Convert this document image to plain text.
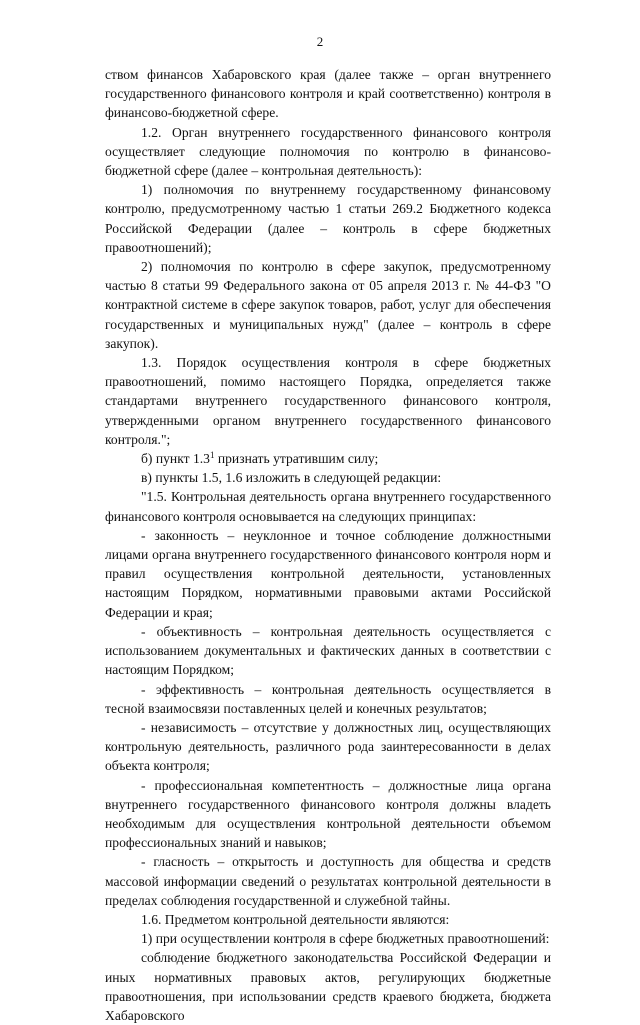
2

ством финансов Хабаровского края (далее также – орган внутреннего государственного финансового контроля и край соответственно) контроля в финансово-бюджетной сфере.

1.2. Орган внутреннего государственного финансового контроля осуществляет следующие полномочия по контролю в финансово-бюджетной сфере (далее – контрольная деятельность):

1) полномочия по внутреннему государственному финансовому контролю, предусмотренному частью 1 статьи 269.2 Бюджетного кодекса Российской Федерации (далее – контроль в сфере бюджетных правоотношений);

2) полномочия по контролю в сфере закупок, предусмотренному частью 8 статьи 99 Федерального закона от 05 апреля 2013 г. № 44-ФЗ "О контрактной системе в сфере закупок товаров, работ, услуг для обеспечения государственных и муниципальных нужд" (далее – контроль в сфере закупок).

1.3. Порядок осуществления контроля в сфере бюджетных правоотношений, помимо настоящего Порядка, определяется также стандартами внутреннего государственного финансового контроля, утвержденными органом внутреннего государственного финансового контроля.";

б) пункт $1.3^1$ признать утратившим силу;

в) пункты 1.5, 1.6 изложить в следующей редакции:

"1.5. Контрольная деятельность органа внутреннего государственного финансового контроля основывается на следующих принципах:

- законность – неуклонное и точное соблюдение должностными лицами органа внутреннего государственного финансового контроля норм и правил осуществления контрольной деятельности, установленных настоящим Порядком, нормативными правовыми актами Российской Федерации и края;

- объективность – контрольная деятельность осуществляется с использованием документальных и фактических данных в соответствии с настоящим Порядком;

- эффективность – контрольная деятельность осуществляется в тесной взаимосвязи поставленных целей и конечных результатов;

- независимость – отсутствие у должностных лиц, осуществляющих контрольную деятельность, различного рода заинтересованности в делах объекта контроля;

- профессиональная компетентность – должностные лица органа внутреннего государственного финансового контроля должны владеть необходимым для осуществления контрольной деятельности объемом профессиональных знаний и навыков;

- гласность – открытость и доступность для общества и средств массовой информации сведений о результатах контрольной деятельности в пределах соблюдения государственной и служебной тайны.

1.6. Предметом контрольной деятельности являются:

1) при осуществлении контроля в сфере бюджетных правоотношений:

соблюдение бюджетного законодательства Российской Федерации и иных нормативных правовых актов, регулирующих бюджетные правоотношения, при использовании средств краевого бюджета, бюджета Хабаровского
